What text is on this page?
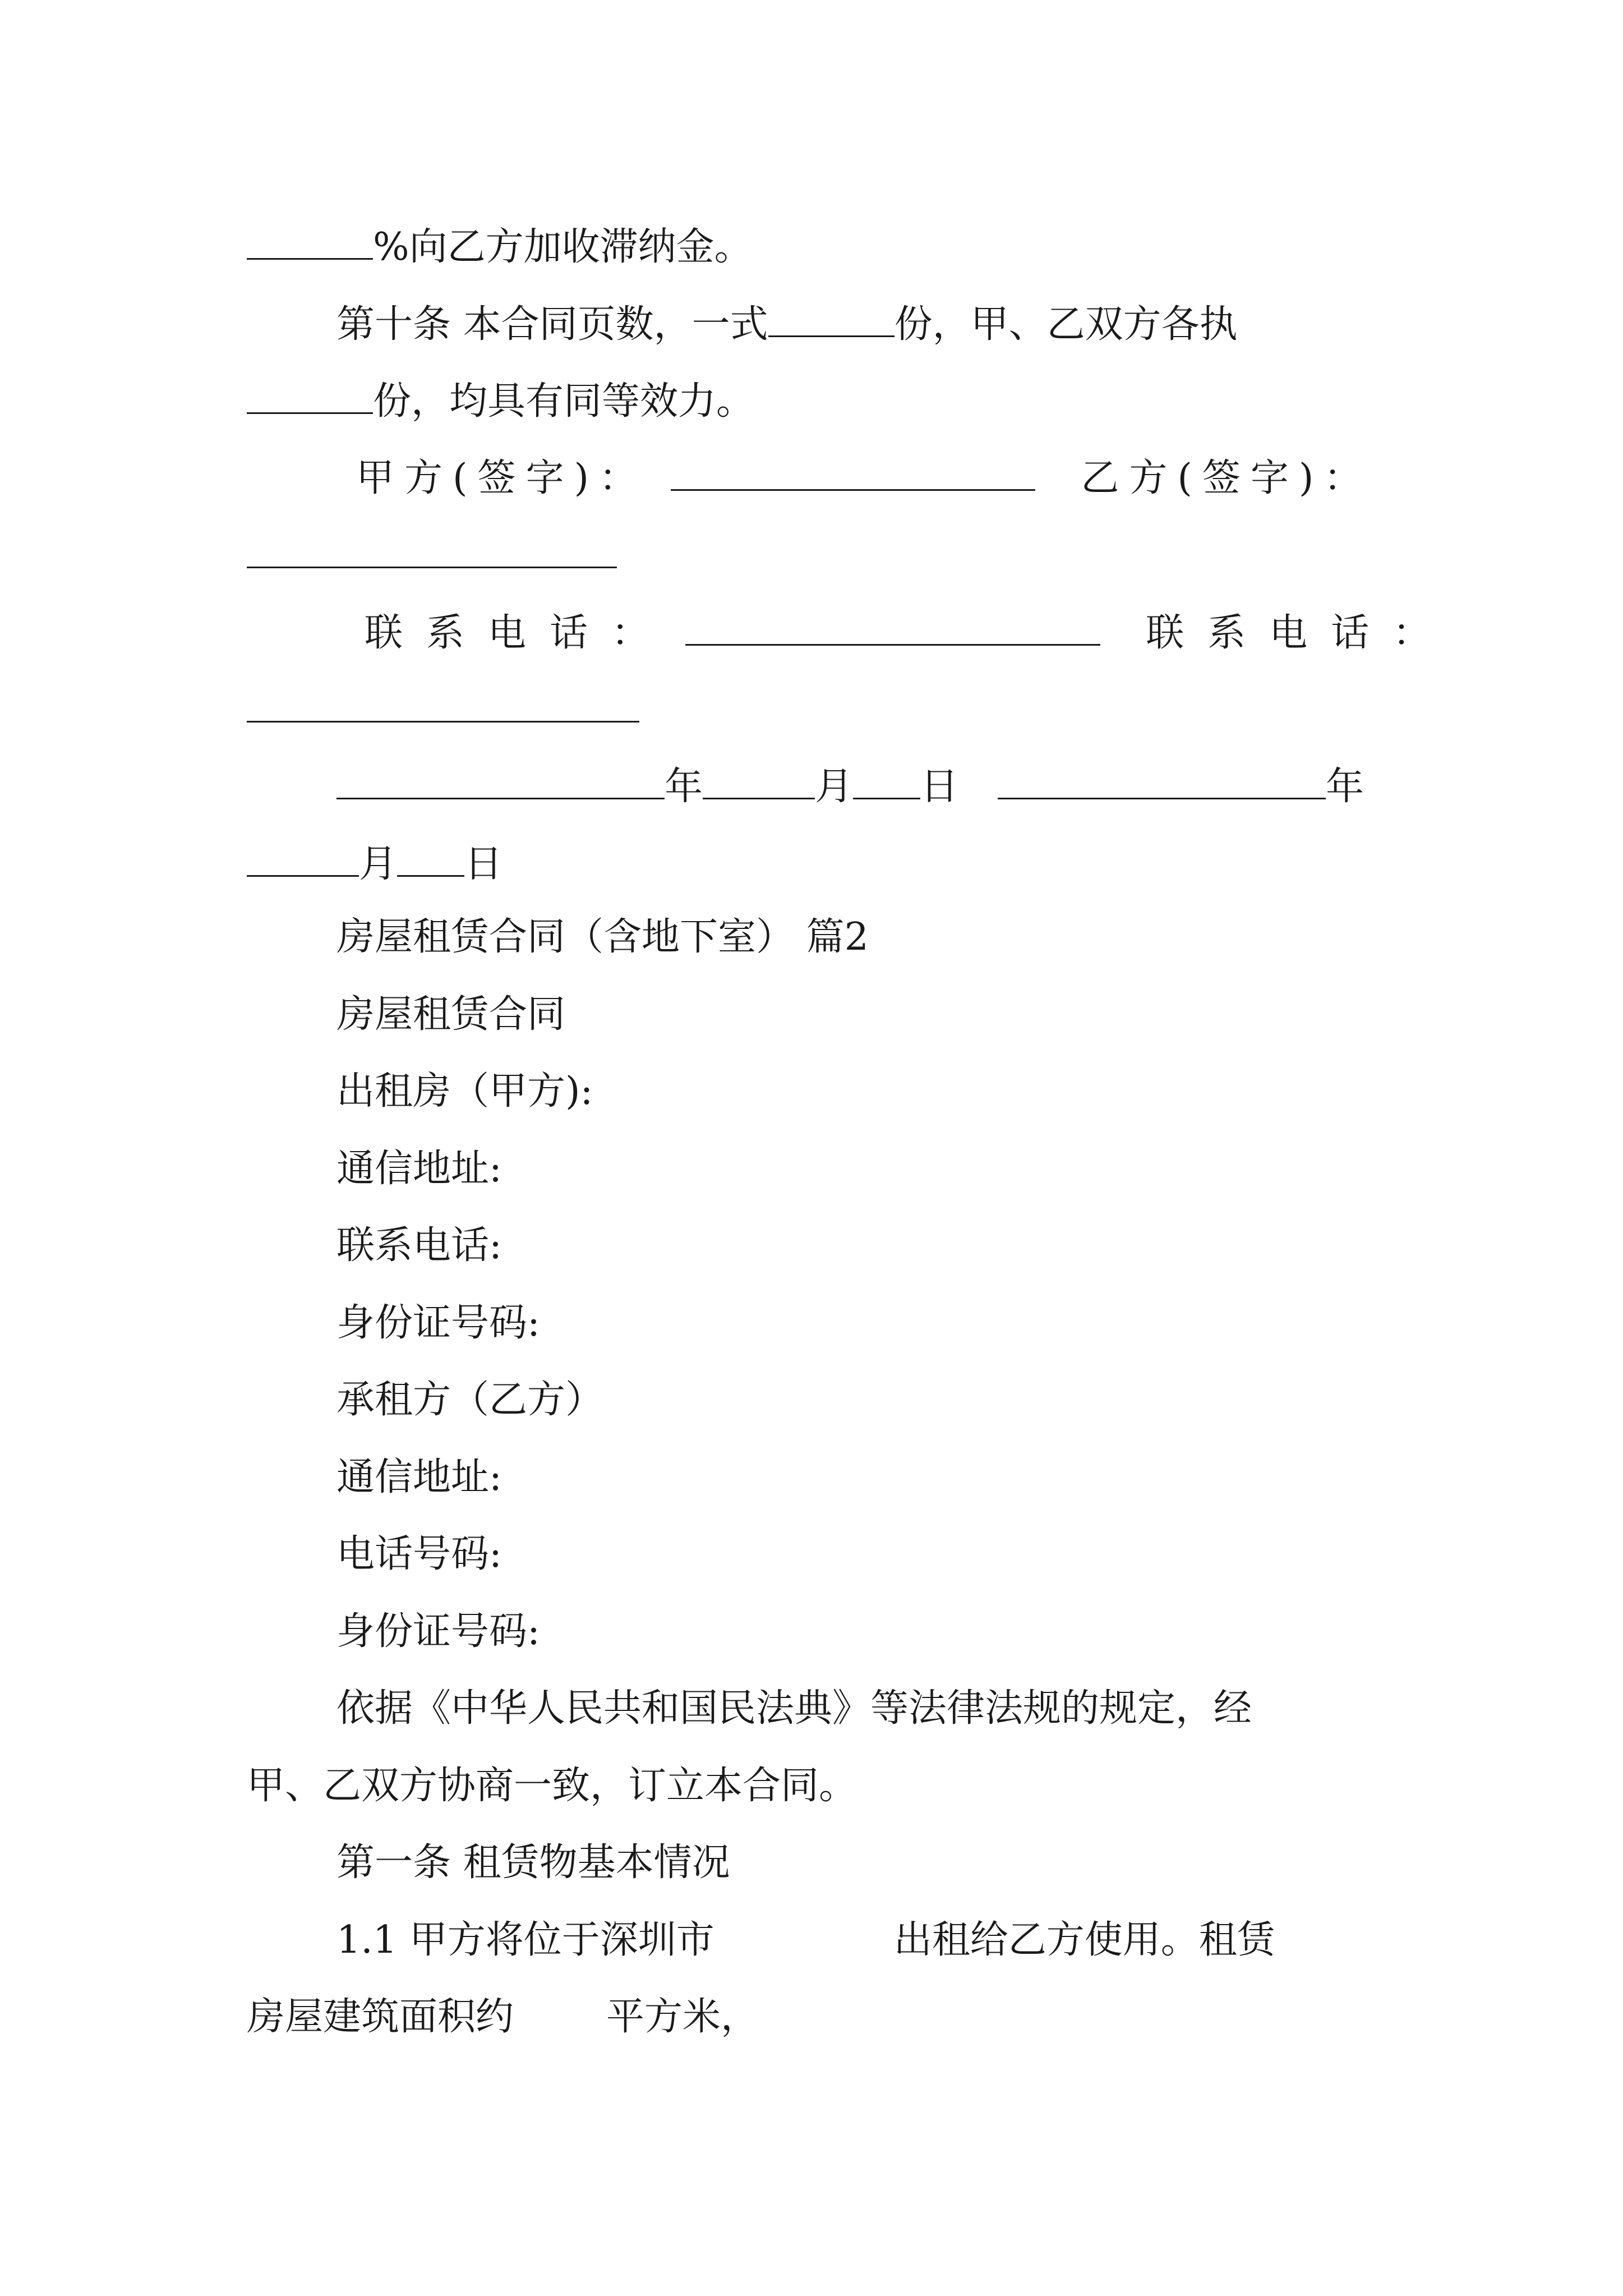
%向乙方加收滞纳金。
第十条 本合同页数，一式	份，甲、乙双方各执
份，均具有同等效力。
甲方(签字)：	乙方(签字)：
联系电话：	联系电话：
年	月 日	年
月 日
房屋租赁合同（含地下室） 篇2
房屋租赁合同
出租房（甲方):
通信地址:
联系电话:
身份证号码:
承租方（乙方）
通信地址:
电话号码:
身份证号码:
依据《中华人民共和国民法典》等法律法规的规定，经
甲、乙双方协商一致，订立本合同。
第一条 租赁物基本情况
1.1 甲方将位于深圳市	出租给乙方使用。租赁
房屋建筑面积约 平方米，
